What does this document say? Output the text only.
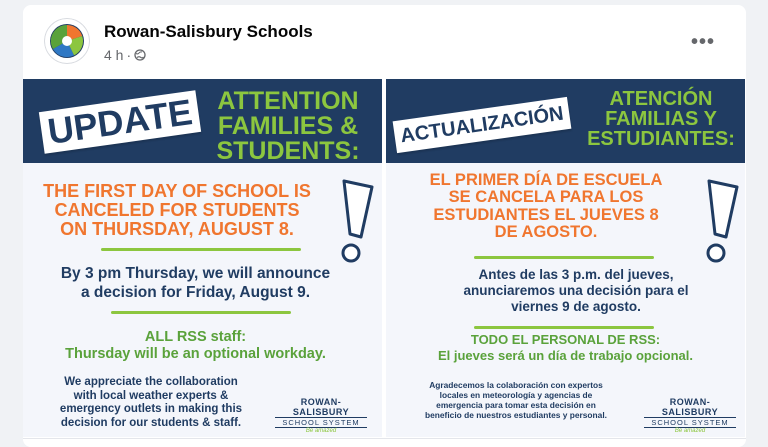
Rowan-Salisbury Schools
4 h ·
•••
UPDATE ATTENTION
FAMILIES &
STUDENTS:
THE FIRST DAY OF SCHOOL IS
CANCELED FOR STUDENTS
ON THURSDAY, AUGUST 8.
By 3 pm Thursday, we will announce
a decision for Friday, August 9.
ALL RSS staff:
Thursday will be an optional workday.
We appreciate the collaboration
with local weather experts &
emergency outlets in making this
decision for our students & staff.
ROWAN-SALISBURY
SCHOOL SYSTEM
Be amazed
ACTUALIZACIÓN
ATENCIÓN
FAMILIAS Y
ESTUDIANTES:
EL PRIMER DÍA DE ESCUELA
SE CANCELA PARA LOS
ESTUDIANTES EL JUEVES 8
DE AGOSTO.
Antes de las 3 p.m. del jueves,
anunciaremos una decisión para el
viernes 9 de agosto.
TODO EL PERSONAL DE RSS:
El jueves será un día de trabajo opcional.
Agradecemos la colaboración con expertos
locales en meteorología y agencias de
emergencia para tomar esta decisión en
beneficio de nuestros estudiantes y personal.
ROWAN-SALISBURY
SCHOOL SYSTEM
Be amazed
